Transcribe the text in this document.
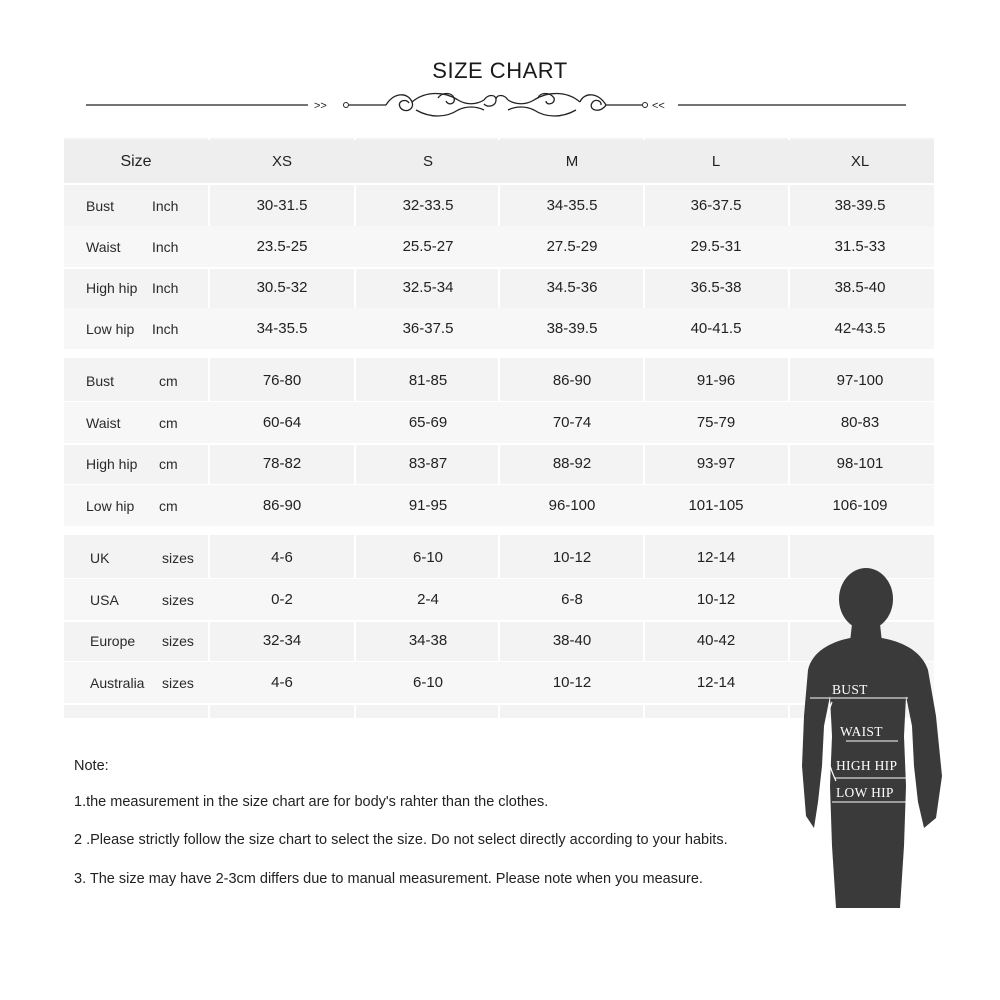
SIZE CHART
>>	<<
Size	XS	S	M	L	XL
Bust	Inch	30-31.5	32-33.5	34-35.5	36-37.5	38-39.5
Waist Inch	23.5-25	25.5-27	27.5-29	29.5-31	31.5-33
High hip Inch	30.5-32	32.5-34	34.5-36	36.5-38	38.5-40
Low hip Inch	34-35.5	36-37.5	38-39.5	40-41.5	42-43.5
Bust	cm	76-80	81-85	86-90	91-96	97-100
Waist	cm	60-64	65-69	70-74	75-79	80-83
High hip cm	78-82	83-87	88-92	93-97	98-101
Low hip cm	86-90	91-95	96-100	101-105	106-109
UK	sizes	4-6	6-10	10-12	12-14
USA	sizes	0-2	2-4	6-8	10-12
Europe sizes	32-34	34-38	38-40	40-42
Australia sizes	4-6	6-10	10-12	12-14
Note:
1.the measurement in the size chart are for body's rahter than the clothes.
2 .Please strictly follow the size chart to select the size. Do not select directly according to your habits.
3. The size may have 2-3cm differs due to manual measurement. Please note when you measure.
BUST
WAIST
HIGH HIP
LOW HIP
